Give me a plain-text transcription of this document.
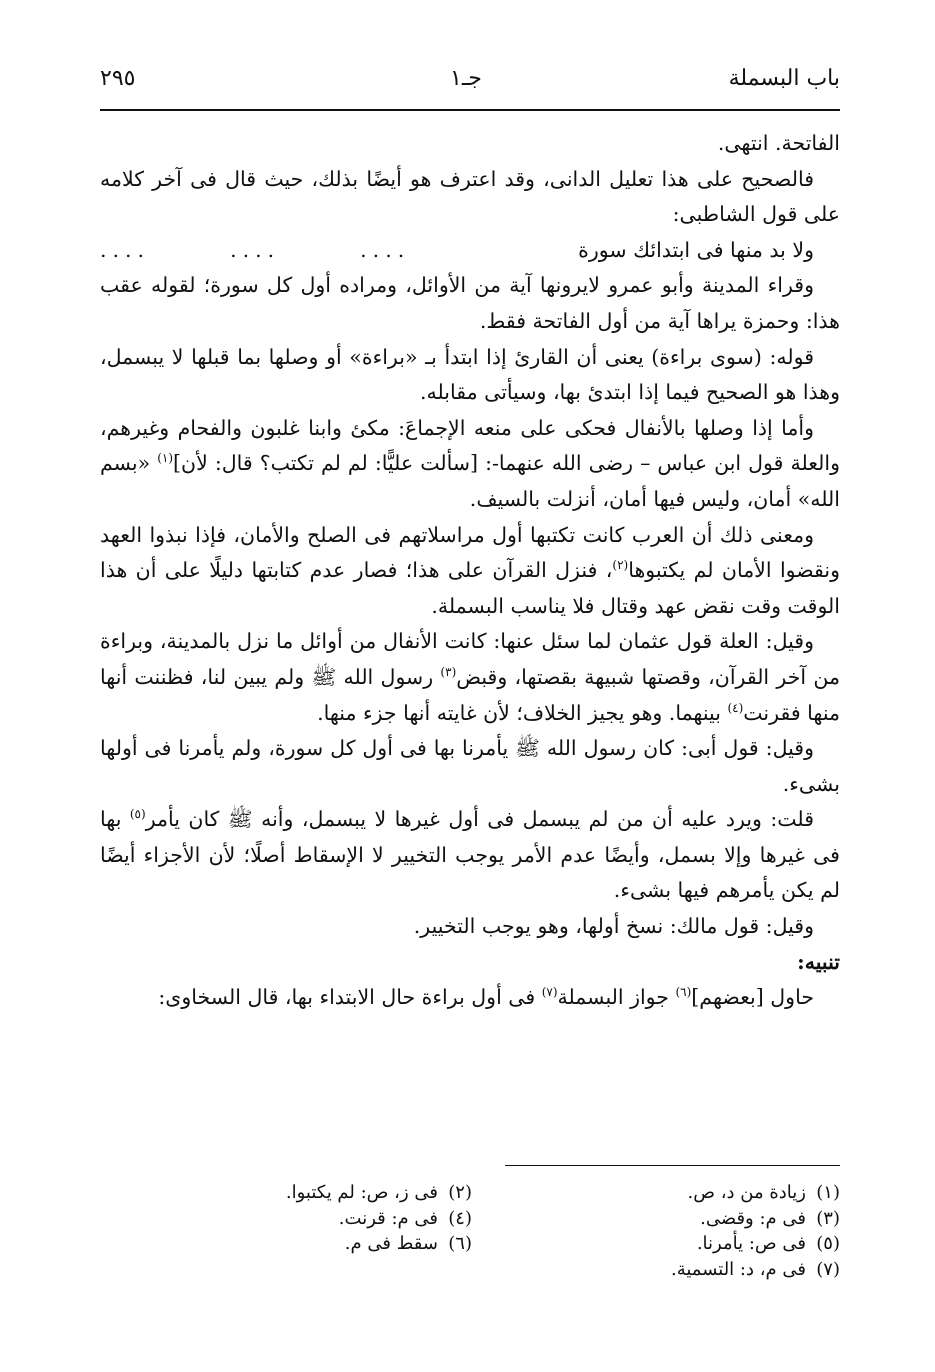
باب البسملة
جـ١
٢٩٥

الفاتحة. انتهى.

فالصحيح على هذا تعليل الدانى، وقد اعترف هو أيضًا بذلك، حيث قال فى آخر كلامه على قول الشاطبى:

ولا بد منها فى ابتدائك سورة
....
....
....

وقراء المدينة وأبو عمرو لايرونها آية من الأوائل، ومراده أول كل سورة؛ لقوله عقب هذا: وحمزة يراها آية من أول الفاتحة فقط.

قوله: (سوى براءة) يعنى أن القارئ إذا ابتدأ بـ «براءة» أو وصلها بما قبلها لا يبسمل، وهذا هو الصحيح فيما إذا ابتدئ بها، وسيأتى مقابله.

وأما إذا وصلها بالأنفال فحكى على منعه الإجماعَ: مكئ وابنا غلبون والفحام وغيرهم، والعلة قول ابن عباس – رضى الله عنهما-: [سألت عليًّا: لم لم تكتب؟ قال: لأن]$^{(١)}$ «بسم الله» أمان، وليس فيها أمان، أنزلت بالسيف.

ومعنى ذلك أن العرب كانت تكتبها أول مراسلاتهم فى الصلح والأمان، فإذا نبذوا العهد ونقضوا الأمان لم يكتبوها$^{(٢)}$، فنزل القرآن على هذا؛ فصار عدم كتابتها دليلًا على أن هذا الوقت وقت نقض عهد وقتال فلا يناسب البسملة.

وقيل: العلة قول عثمان لما سئل عنها: كانت الأنفال من أوائل ما نزل بالمدينة، وبراءة من آخر القرآن، وقصتها شبيهة بقصتها، وقبض$^{(٣)}$ رسول الله ﷺ ولم يبين لنا، فظننت أنها منها فقرنت$^{(٤)}$ بينهما. وهو يجيز الخلاف؛ لأن غايته أنها جزء منها.

وقيل: قول أبى: كان رسول الله ﷺ يأمرنا بها فى أول كل سورة، ولم يأمرنا فى أولها بشىء.

قلت: ويرد عليه أن من لم يبسمل فى أول غيرها لا يبسمل، وأنه ﷺ كان يأمر$^{(٥)}$ بها فى غيرها وإلا بسمل، وأيضًا عدم الأمر يوجب التخيير لا الإسقاط أصلًا؛ لأن الأجزاء أيضًا لم يكن يأمرهم فيها بشىء.

وقيل: قول مالك: نسخ أولها، وهو يوجب التخيير.

تنبيه:

حاول [بعضهم]$^{(٦)}$ جواز البسملة$^{(٧)}$ فى أول براءة حال الابتداء بها، قال السخاوى:

(١)زيادة من د، ص.
(٣)فى م: وقضى.
(٥)فى ص: يأمرنا.
(٧)فى م، د: التسمية.
(٢)فى ز، ص: لم يكتبوا.
(٤)فى م: قرنت.
(٦)سقط فى م.
